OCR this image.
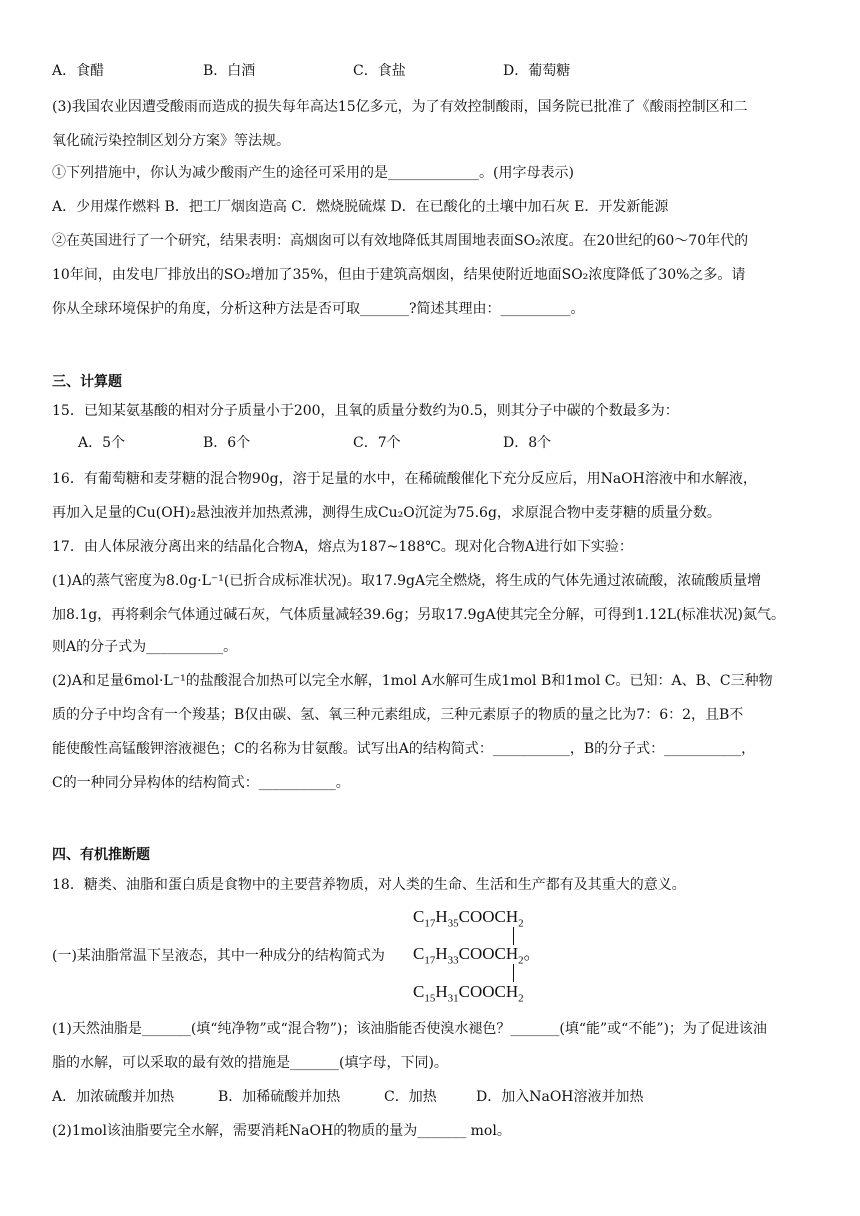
A．食醋	B．白酒	C．食盐	D．葡萄糖
(3)我国农业因遭受酸雨而造成的损失每年高达15亿多元，为了有效控制酸雨，国务院已批准了《酸雨控制区和二
氧化硫污染控制区划分方案》等法规。
①下列措施中，你认为减少酸雨产生的途径可采用的是_____________。(用字母表示)
A．少用煤作燃料 B．把工厂烟囱造高 C．燃烧脱硫煤 D．在已酸化的土壤中加石灰 E．开发新能源
②在英国进行了一个研究，结果表明：高烟囱可以有效地降低其周围地表面SO₂浓度。在20世纪的60～70年代的
10年间，由发电厂排放出的SO₂增加了35%，但由于建筑高烟囱，结果使附近地面SO₂浓度降低了30%之多。请
你从全球环境保护的角度，分析这种方法是否可取_______?简述其理由：__________。
三、计算题
15．已知某氨基酸的相对分子质量小于200，且氧的质量分数约为0.5，则其分子中碳的个数最多为：
A．5个	B．6个	C．7个	D．8个
16．有葡萄糖和麦芽糖的混合物90g，溶于足量的水中，在稀硫酸催化下充分反应后，用NaOH溶液中和水解液，
再加入足量的Cu(OH)₂悬浊液并加热煮沸，测得生成Cu₂O沉淀为75.6g，求原混合物中麦芽糖的质量分数。
17．由人体尿液分离出来的结晶化合物A，熔点为187~188℃。现对化合物A进行如下实验：
(1)A的蒸气密度为8.0g·L⁻¹(已折合成标准状况)。取17.9gA完全燃烧，将生成的气体先通过浓硫酸，浓硫酸质量增
加8.1g，再将剩余气体通过碱石灰，气体质量减轻39.6g；另取17.9gA使其完全分解，可得到1.12L(标准状况)氮气。
则A的分子式为___________。
(2)A和足量6mol·L⁻¹的盐酸混合加热可以完全水解，1mol A水解可生成1mol B和1mol C。已知：A、B、C三种物
质的分子中均含有一个羧基；B仅由碳、氢、氧三种元素组成，三种元素原子的物质的量之比为7：6：2，且B不
能使酸性高锰酸钾溶液褪色；C的名称为甘氨酸。试写出A的结构简式：___________，B的分子式：___________，
C的一种同分异构体的结构简式：___________。
四、有机推断题
18．糖类、油脂和蛋白质是食物中的主要营养物质，对人类的生命、生活和生产都有及其重大的意义。
$C_{17}H_{35}COOCH_2$
(一)某油脂常温下呈液态，其中一种成分的结构简式为 $C_{17}H_{33}COOCH_2$。
$C_{15}H_{31}COOCH_2$
(1)天然油脂是_______(填“纯净物”或“混合物”)；该油脂能否使溴水褪色？_______(填“能”或“不能”)；为了促进该油
脂的水解，可以采取的最有效的措施是_______(填字母，下同)。
A．加浓硫酸并加热	B．加稀硫酸并加热	C．加热	D．加入NaOH溶液并加热
(2)1mol该油脂要完全水解，需要消耗NaOH的物质的量为_______ mol。
